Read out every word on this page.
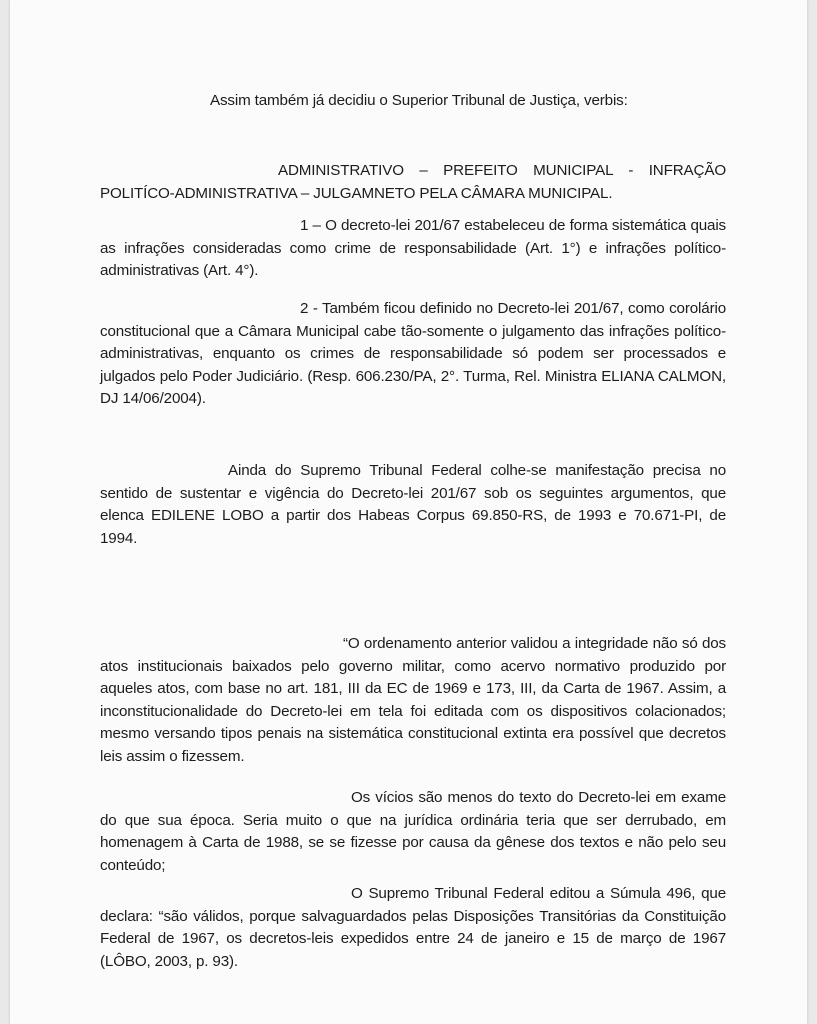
Assim também já decidiu o Superior Tribunal de Justiça, verbis:

ADMINISTRATIVO – PREFEITO MUNICIPAL - INFRAÇÃO
POLITÍCO-ADMINISTRATIVA – JULGAMNETO PELA CÂMARA MUNICIPAL.

1 – O decreto-lei 201/67 estabeleceu de forma sistemática quais as infrações consideradas como crime de responsabilidade (Art. 1°) e infrações político-administrativas (Art. 4°).

2 - Também ficou definido no Decreto-lei 201/67, como corolário constitucional que a Câmara Municipal cabe tão-somente o julgamento das infrações político-administrativas, enquanto os crimes de responsabilidade só podem ser processados e julgados pelo Poder Judiciário. (Resp. 606.230/PA, 2°. Turma, Rel. Ministra ELIANA CALMON, DJ 14/06/2004).

Ainda do Supremo Tribunal Federal colhe-se manifestação precisa no sentido de sustentar e vigência do Decreto-lei 201/67 sob os seguintes argumentos, que elenca EDILENE LOBO a partir dos Habeas Corpus 69.850-RS, de 1993 e 70.671-PI, de 1994.

“O ordenamento anterior validou a integridade não só dos atos institucionais baixados pelo governo militar, como acervo normativo produzido por aqueles atos, com base no art. 181, III da EC de 1969 e 173, III, da Carta de 1967. Assim, a inconstitucionalidade do Decreto-lei em tela foi editada com os dispositivos colacionados; mesmo versando tipos penais na sistemática constitucional extinta era possível que decretos leis assim o fizessem.

Os vícios são menos do texto do Decreto-lei em exame do que sua época. Seria muito o que na jurídica ordinária teria que ser derrubado, em homenagem à Carta de 1988, se se fizesse por causa da gênese dos textos e não pelo seu conteúdo;

O Supremo Tribunal Federal editou a Súmula 496, que declara: “são válidos, porque salvaguardados pelas Disposições Transitórias da Constituição Federal de 1967, os decretos-leis expedidos entre 24 de janeiro e 15 de março de 1967 (LÔBO, 2003, p. 93).
